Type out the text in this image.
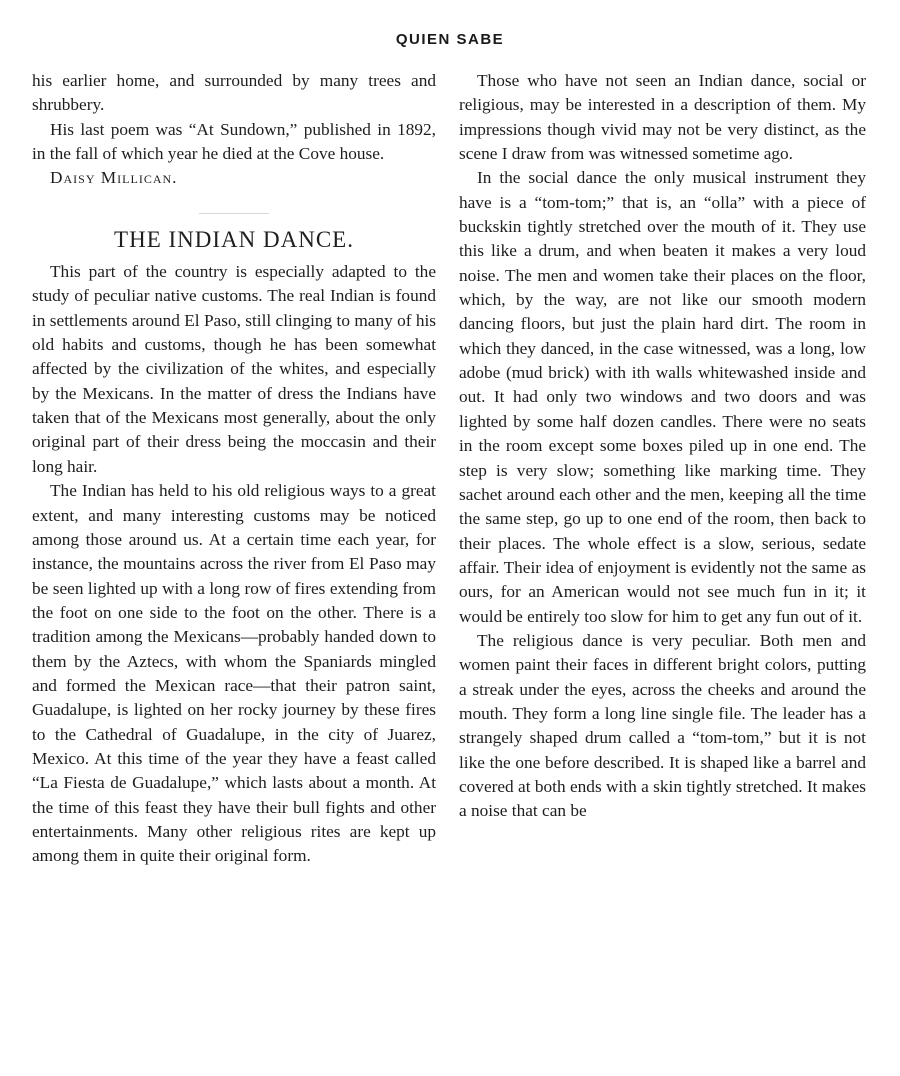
QUIEN SABE

his earlier home, and surrounded by many trees and shrubbery.

His last poem was “At Sundown,” published in 1892, in the fall of which year he died at the Cove house.

Daisy Millican.

THE INDIAN DANCE.

This part of the country is especially adapted to the study of peculiar native customs. The real Indian is found in settlements around El Paso, still clinging to many of his old habits and customs, though he has been somewhat affected by the civilization of the whites, and especially by the Mexicans. In the matter of dress the Indians have taken that of the Mexicans most generally, about the only original part of their dress being the moccasin and their long hair.

The Indian has held to his old religious ways to a great extent, and many interesting customs may be noticed among those around us. At a certain time each year, for instance, the mountains across the river from El Paso may be seen lighted up with a long row of fires extending from the foot on one side to the foot on the other. There is a tradition among the Mexicans—probably handed down to them by the Aztecs, with whom the Spaniards mingled and formed the Mexican race—that their patron saint, Guadalupe, is lighted on her rocky journey by these fires to the Cathedral of Guadalupe, in the city of Juarez, Mexico. At this time of the year they have a feast called “La Fiesta de Guadalupe,” which lasts about a month. At the time of this feast they have their bull fights and other entertainments. Many other religious rites are kept up among them in quite their original form.

Those who have not seen an Indian dance, social or religious, may be interested in a description of them. My impressions though vivid may not be very distinct, as the scene I draw from was witnessed sometime ago.

In the social dance the only musical instrument they have is a “tom-tom;” that is, an “olla” with a piece of buckskin tightly stretched over the mouth of it. They use this like a drum, and when beaten it makes a very loud noise. The men and women take their places on the floor, which, by the way, are not like our smooth modern dancing floors, but just the plain hard dirt. The room in which they danced, in the case witnessed, was a long, low adobe (mud brick) with ith walls whitewashed inside and out. It had only two windows and two doors and was lighted by some half dozen candles. There were no seats in the room except some boxes piled up in one end. The step is very slow; something like marking time. They sachet around each other and the men, keeping all the time the same step, go up to one end of the room, then back to their places. The whole effect is a slow, serious, sedate affair. Their idea of enjoyment is evidently not the same as ours, for an American would not see much fun in it; it would be entirely too slow for him to get any fun out of it.

The religious dance is very peculiar. Both men and women paint their faces in different bright colors, putting a streak under the eyes, across the cheeks and around the mouth. They form a long line single file. The leader has a strangely shaped drum called a “tom-tom,” but it is not like the one before described. It is shaped like a barrel and covered at both ends with a skin tightly stretched. It makes a noise that can be
